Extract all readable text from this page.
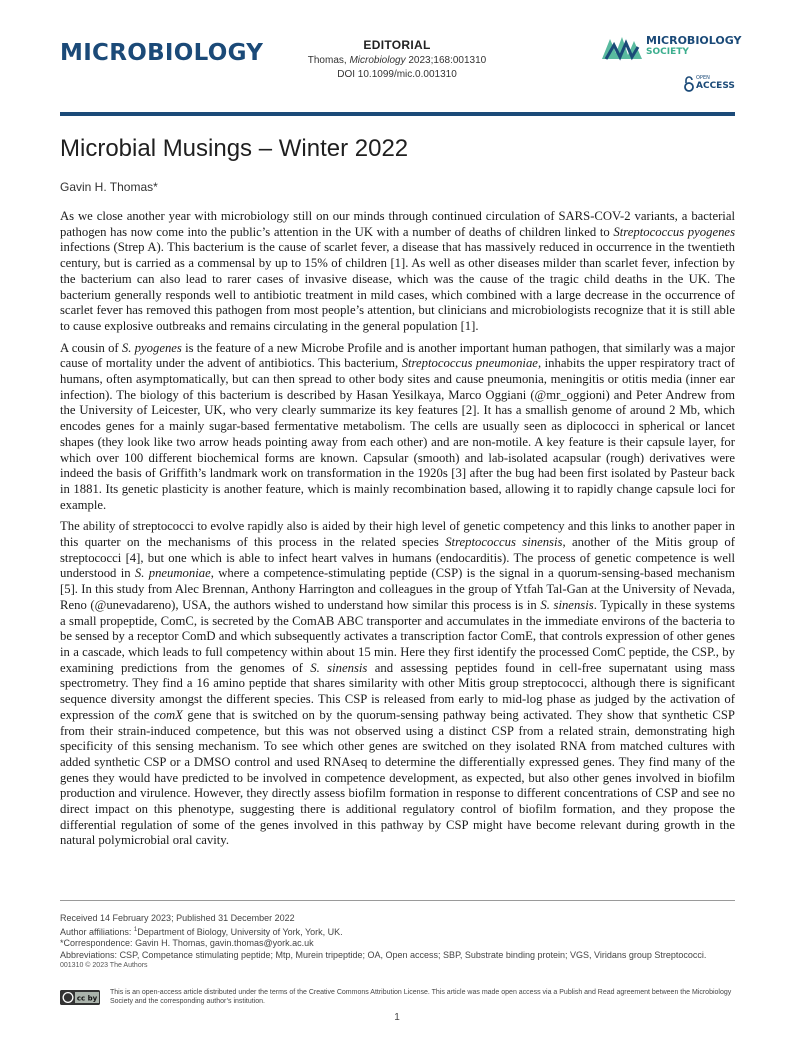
MICROBIOLOGY	EDITORIAL
Thomas, Microbiology 2023;168:001310
DOI 10.1099/mic.0.001310
MICROBIOLOGY
SOCIETY
OPEN
ACCESS
Microbial Musings – Winter 2022
Gavin H. Thomas*

As we close another year with microbiology still on our minds through continued circulation of SARS-COV-2 variants, a bacterial pathogen has now come into the public’s attention in the UK with a number of deaths of children linked to Streptococcus pyogenes infections (Strep A). This bacterium is the cause of scarlet fever, a disease that has massively reduced in occurrence in the twentieth century, but is carried as a commensal by up to 15% of children [1]. As well as other diseases milder than scarlet fever, infection by the bacterium can also lead to rarer cases of invasive disease, which was the cause of the tragic child deaths in the UK. The bacterium generally responds well to antibiotic treatment in mild cases, which combined with a large decrease in the occurrence of scarlet fever has removed this pathogen from most people’s attention, but clinicians and microbiologists recognize that it is still able to cause explosive outbreaks and remains circulating in the general population [1].

A cousin of S. pyogenes is the feature of a new Microbe Profile and is another important human pathogen, that similarly was a major cause of mortality under the advent of antibiotics. This bacterium, Streptococcus pneumoniae, inhabits the upper respiratory tract of humans, often asymptomatically, but can then spread to other body sites and cause pneumonia, meningitis or otitis media (inner ear infection). The biology of this bacterium is described by Hasan Yesilkaya, Marco Oggiani (@mr_oggioni) and Peter Andrew from the University of Leicester, UK, who very clearly summarize its key features [2]. It has a smallish genome of around 2 Mb, which encodes genes for a mainly sugar-based fermentative metabolism. The cells are usually seen as diplococci in spherical or lancet shapes (they look like two arrow heads pointing away from each other) and are non-motile. A key feature is their capsule layer, for which over 100 different biochemical forms are known. Capsular (smooth) and lab-isolated acapsular (rough) derivatives were indeed the basis of Griffith’s landmark work on transformation in the 1920s [3] after the bug had been first isolated by Pasteur back in 1881. Its genetic plasticity is another feature, which is mainly recombination based, allowing it to rapidly change capsule loci for example.

The ability of streptococci to evolve rapidly also is aided by their high level of genetic competency and this links to another paper in this quarter on the mechanisms of this process in the related species Streptococcus sinensis, another of the Mitis group of streptococci [4], but one which is able to infect heart valves in humans (endocarditis). The process of genetic competence is well understood in S. pneumoniae, where a competence-stimulating peptide (CSP) is the signal in a quorum-sensing-based mechanism [5]. In this study from Alec Brennan, Anthony Harrington and colleagues in the group of Ytfah Tal-Gan at the University of Nevada, Reno (@unevadareno), USA, the authors wished to understand how similar this process is in S. sinensis. Typically in these systems a small propeptide, ComC, is secreted by the ComAB ABC transporter and accumulates in the immediate environs of the bacteria to be sensed by a receptor ComD and which subsequently activates a transcription factor ComE, that controls expression of other genes in a cascade, which leads to full competency within about 15 min. Here they first identify the processed ComC peptide, the CSP., by examining predictions from the genomes of S. sinensis and assessing peptides found in cell-free supernatant using mass spectrometry. They find a 16 amino peptide that shares similarity with other Mitis group streptococci, although there is significant sequence diversity amongst the different species. This CSP is released from early to mid-log phase as judged by the activation of expression of the comX gene that is switched on by the quorum-sensing pathway being activated. They show that synthetic CSP from their strain-induced competence, but this was not observed using a distinct CSP from a related strain, demonstrating high specificity of this sensing mechanism. To see which other genes are switched on they isolated RNA from matched cultures with added synthetic CSP or a DMSO control and used RNAseq to determine the differentially expressed genes. They find many of the genes they would have predicted to be involved in competence development, as expected, but also other genes involved in biofilm production and virulence. However, they directly assess biofilm formation in response to different concentrations of CSP and see no direct impact on this phenotype, suggesting there is additional regulatory control of biofilm formation, and they propose the differential regulation of some of the genes involved in this pathway by CSP might have become relevant during growth in the natural polymicrobial oral cavity.

Received 14 February 2023; Published 31 December 2022
Author affiliations: $^1$Department of Biology, University of York, York, UK.
*Correspondence: Gavin H. Thomas, gavin.thomas@york.ac.uk
Abbreviations: CSP, Competance stimulating peptide; Mtp, Murein tripeptide; OA, Open access; SBP, Substrate binding protein; VGS, Viridans group Streptococci.
001310 © 2023 The Authors
cc by
This is an open-access article distributed under the terms of the Creative Commons Attribution License. This article was made open access via a Publish and Read agreement between the Microbiology Society and the corresponding author’s institution.
1
